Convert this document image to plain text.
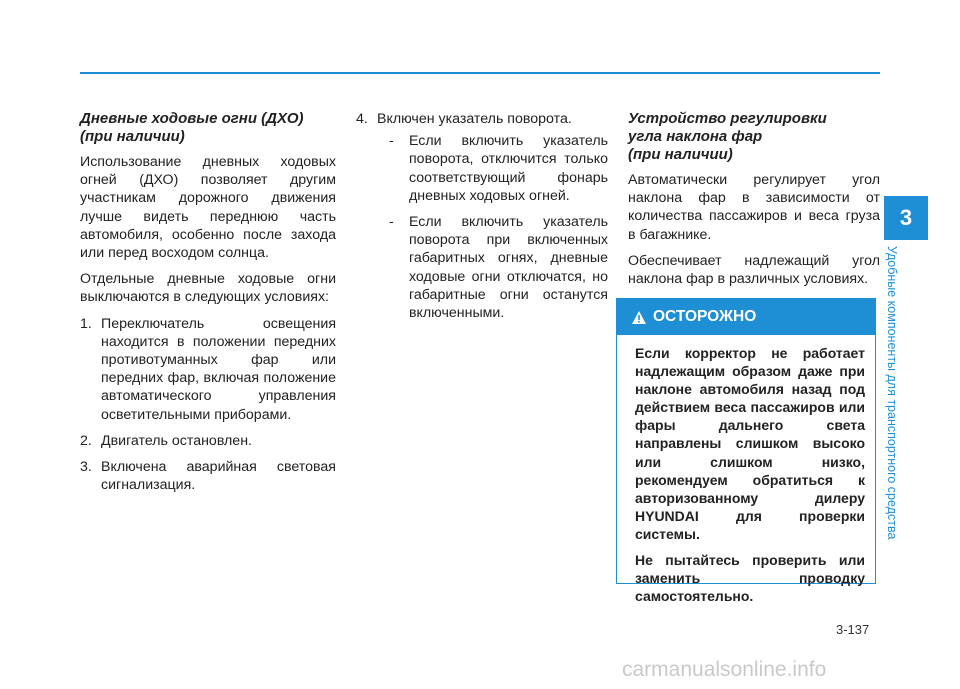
Дневные ходовые огни (ДХО)
(при наличии)

Использование дневных ходовых огней (ДХО) позволяет другим участникам дорожного движения лучше видеть переднюю часть автомобиля, особенно после захода или перед восходом солнца.

Отдельные дневные ходовые огни выключаются в следующих условиях:

1. Переключатель освещения находится в положении передних противотуманных фар или передних фар, включая положение автоматического управления осветительными приборами.
2. Двигатель остановлен.
3. Включена аварийная световая сигнализация.
4. Включен указатель поворота.
- Если включить указатель поворота, отключится только соответствующий фонарь дневных ходовых огней.
- Если включить указатель поворота при включенных габаритных огнях, дневные ходовые огни отключатся, но габаритные огни останутся включенными.
Устройство регулировки
угла наклона фар
(при наличии)

Автоматически регулирует угол наклона фар в зависимости от количества пассажиров и веса груза в багажнике.

Обеспечивает надлежащий угол наклона фар в различных условиях.

ОСТОРОЖНО

Если корректор не работает надлежащим образом даже при наклоне автомобиля назад под действием веса пассажиров или фары дальнего света направлены слишком высоко или слишком низко, рекомендуем обратиться к авторизованному дилеру HYUNDAI для проверки системы.

Не пытайтесь проверить или заменить проводку самостоятельно.

3
Удобные компоненты для транспортного средства
3-137
carmanualsonline.info
